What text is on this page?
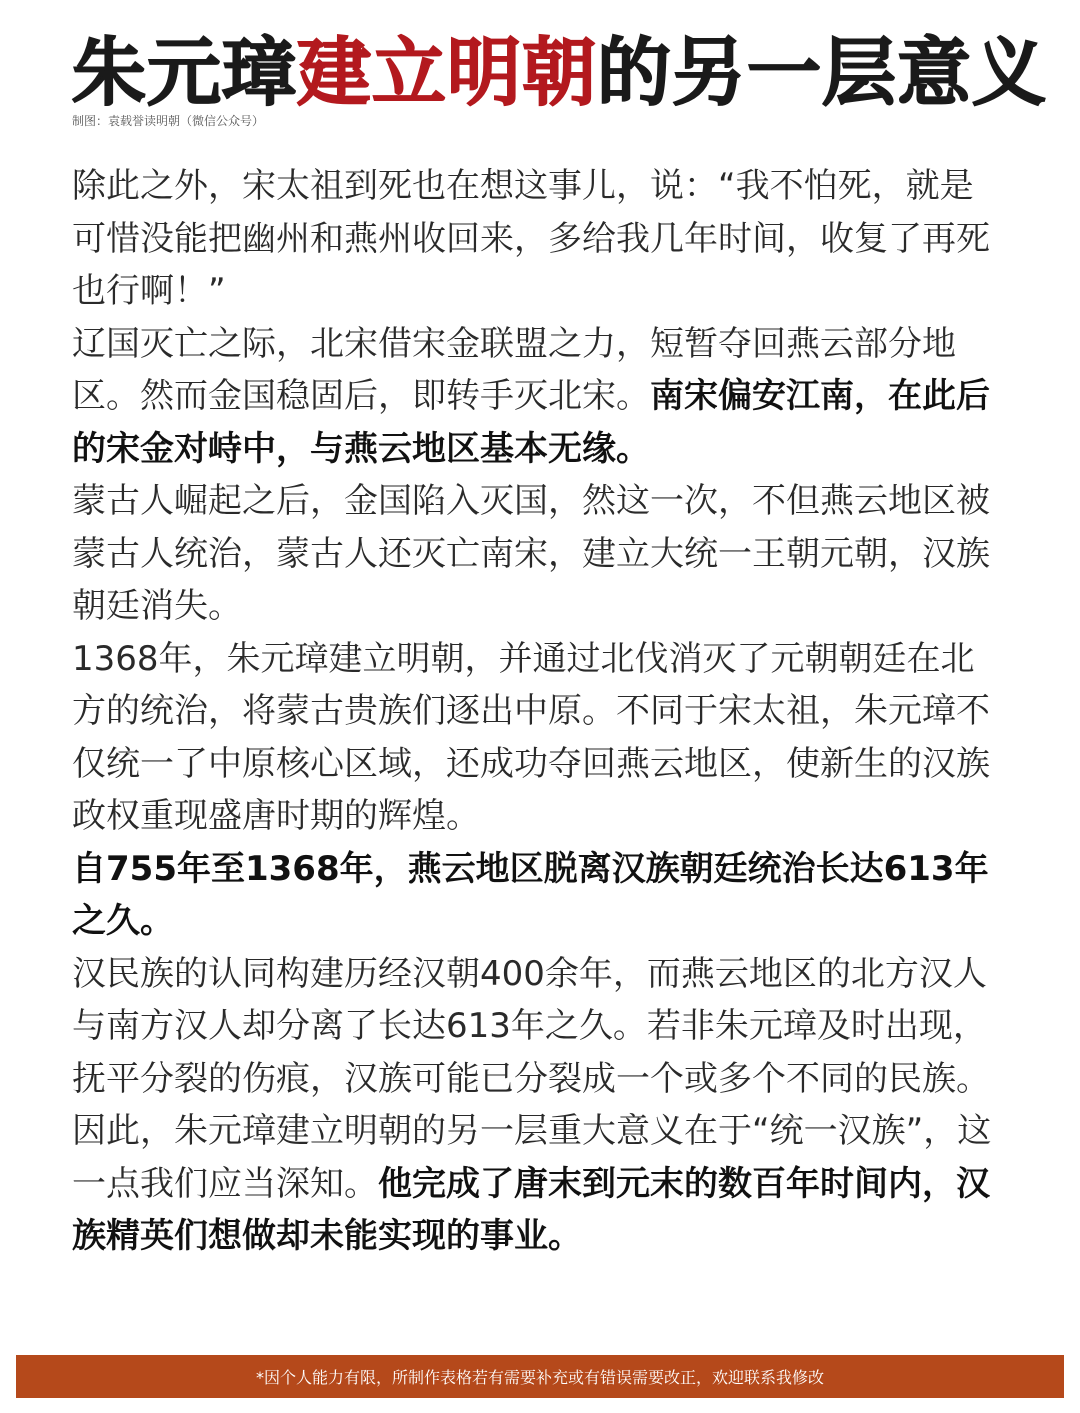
朱元璋建立明朝的另一层意义
制图：袁载誉读明朝（微信公众号）

除此之外，宋太祖到死也在想这事儿，说：“我不怕死，就是可惜没能把幽州和燕州收回来，多给我几年时间，收复了再死也行啊！”

辽国灭亡之际，北宋借宋金联盟之力，短暂夺回燕云部分地区。然而金国稳固后，即转手灭北宋。南宋偏安江南，在此后的宋金对峙中，与燕云地区基本无缘。

蒙古人崛起之后，金国陷入灭国，然这一次，不但燕云地区被蒙古人统治，蒙古人还灭亡南宋，建立大统一王朝元朝，汉族朝廷消失。

1368年，朱元璋建立明朝，并通过北伐消灭了元朝朝廷在北方的统治，将蒙古贵族们逐出中原。不同于宋太祖，朱元璋不仅统一了中原核心区域，还成功夺回燕云地区，使新生的汉族政权重现盛唐时期的辉煌。

自755年至1368年，燕云地区脱离汉族朝廷统治长达613年之久。

汉民族的认同构建历经汉朝400余年，而燕云地区的北方汉人与南方汉人却分离了长达613年之久。若非朱元璋及时出现，抚平分裂的伤痕，汉族可能已分裂成一个或多个不同的民族。

因此，朱元璋建立明朝的另一层重大意义在于“统一汉族”，这一点我们应当深知。他完成了唐末到元末的数百年时间内，汉族精英们想做却未能实现的事业。

*因个人能力有限，所制作表格若有需要补充或有错误需要改正，欢迎联系我修改
